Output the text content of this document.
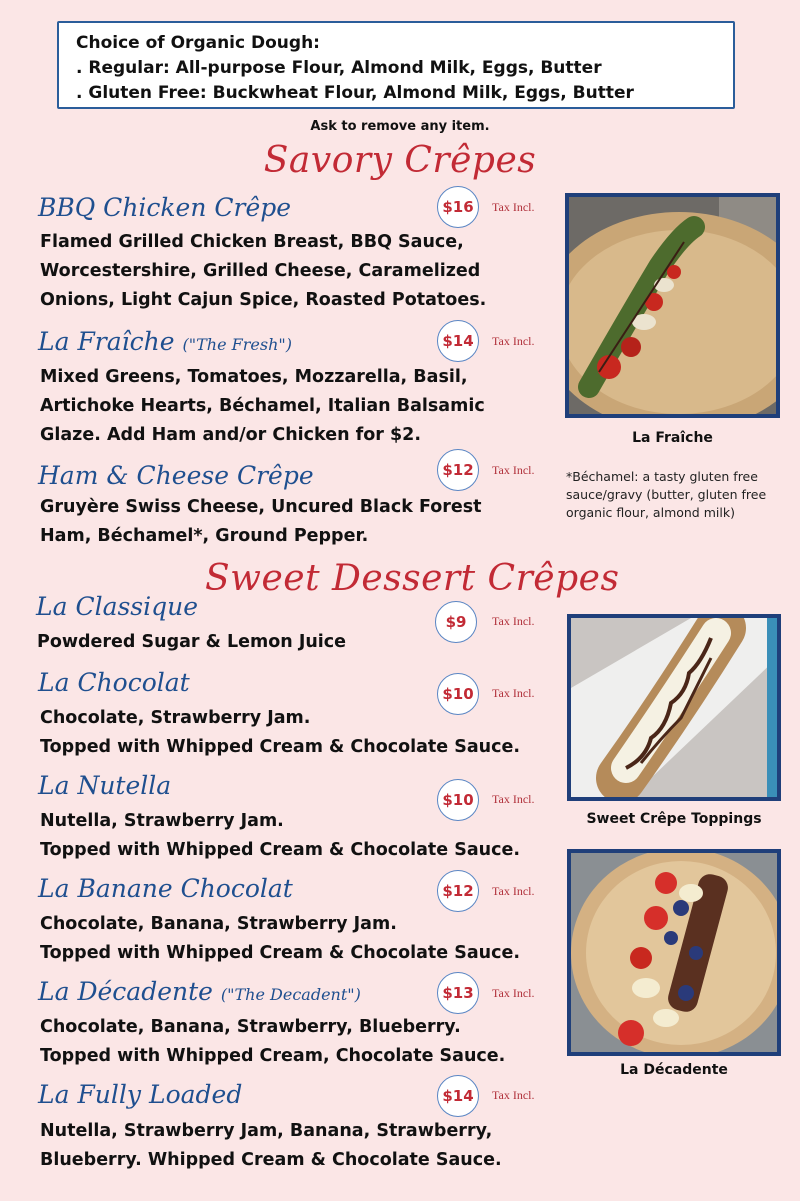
Choice of Organic Dough:
. Regular: All-purpose Flour, Almond Milk, Eggs, Butter
. Gluten Free: Buckwheat Flour, Almond Milk, Eggs, Butter
Ask to remove any item.
Savory Crêpes
BBQ Chicken Crêpe	$16	Tax Incl.
Flamed Grilled Chicken Breast, BBQ Sauce,
Worcestershire, Grilled Cheese, Caramelized
Onions, Light Cajun Spice, Roasted Potatoes.
La Fraîche ("The Fresh")	$14	Tax Incl.
Mixed Greens, Tomatoes, Mozzarella, Basil,
Artichoke Hearts, Béchamel, Italian Balsamic
Glaze. Add Ham and/or Chicken for $2.
Ham & Cheese Crêpe	$12	Tax Incl.
Gruyère Swiss Cheese, Uncured Black Forest
Ham, Béchamel*, Ground Pepper.
Sweet Dessert Crêpes
La Classique
$9	Tax Incl.
Powdered Sugar & Lemon Juice
La Chocolat	$10	Tax Incl.
Chocolate, Strawberry Jam.
Topped with Whipped Cream & Chocolate Sauce.
La Nutella	$10	Tax Incl.
Nutella, Strawberry Jam.
Topped with Whipped Cream & Chocolate Sauce.
La Banane Chocolat	$12	Tax Incl.
Chocolate, Banana, Strawberry Jam.
Topped with Whipped Cream & Chocolate Sauce.
La Décadente ("The Decadent")	$13	Tax Incl.
Chocolate, Banana, Strawberry, Blueberry.
Topped with Whipped Cream, Chocolate Sauce.
La Fully Loaded	$14	Tax Incl.
Nutella, Strawberry Jam, Banana, Strawberry,
Blueberry. Whipped Cream & Chocolate Sauce.
La Fraîche
*Béchamel: a tasty gluten free
sauce/gravy (butter, gluten free
organic flour, almond milk)
Sweet Crêpe Toppings
La Décadente
